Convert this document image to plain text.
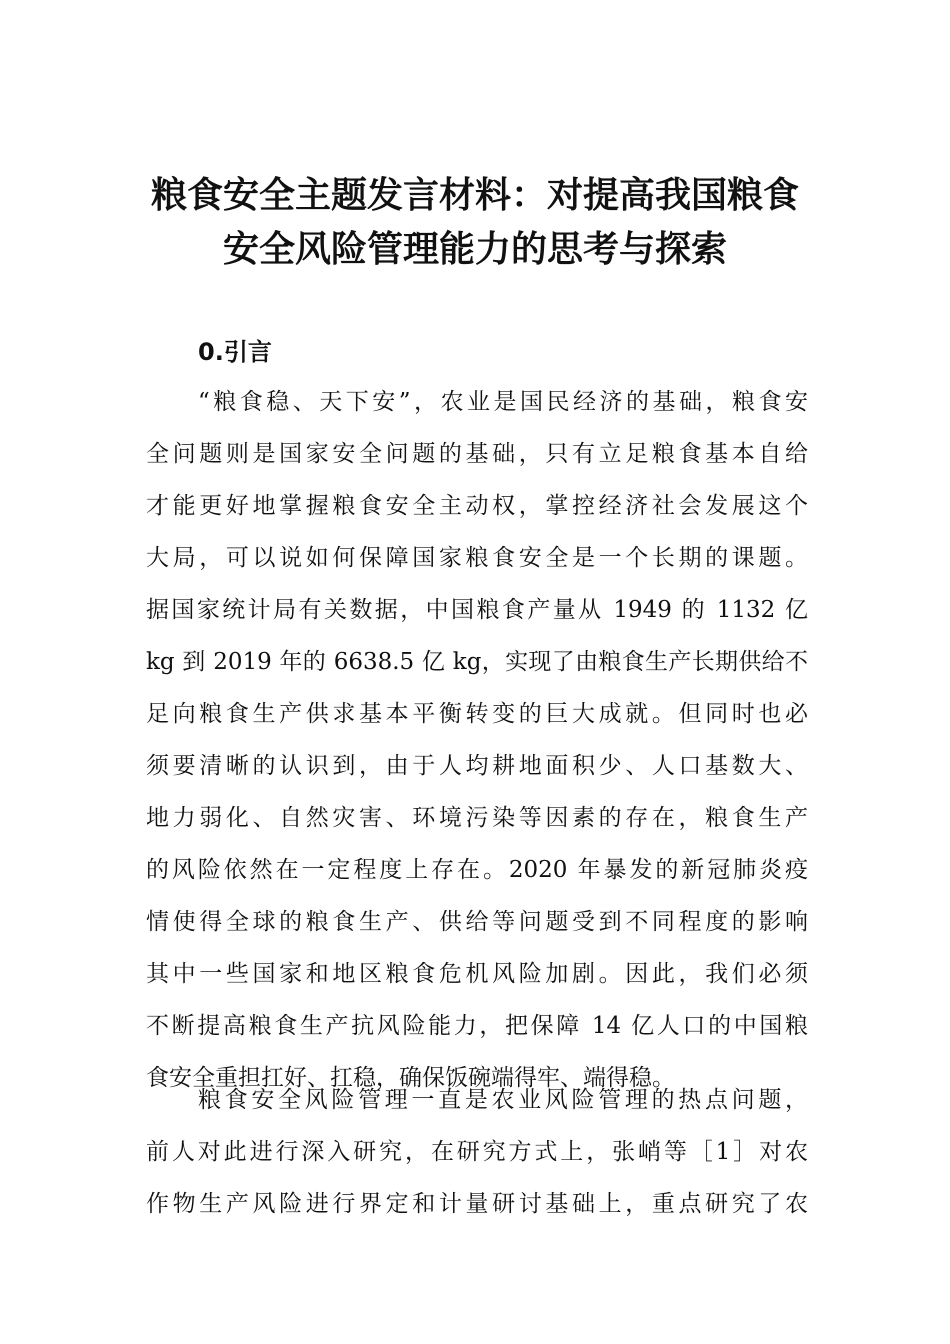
粮食安全主题发言材料：对提高我国粮食
安全风险管理能力的思考与探索
0.引言
“粮食稳、天下安”，农业是国民经济的基础，粮食安
全问题则是国家安全问题的基础，只有立足粮食基本自给
才能更好地掌握粮食安全主动权，掌控经济社会发展这个
大局，可以说如何保障国家粮食安全是一个长期的课题。
据国家统计局有关数据，中国粮食产量从 1949 的 1132 亿
kg 到 2019 年的 6638.5 亿 kg，实现了由粮食生产长期供给不
足向粮食生产供求基本平衡转变的巨大成就。但同时也必
须要清晰的认识到，由于人均耕地面积少、人口基数大、
地力弱化、自然灾害、环境污染等因素的存在，粮食生产
的风险依然在一定程度上存在。2020 年暴发的新冠肺炎疫
情使得全球的粮食生产、供给等问题受到不同程度的影响
其中一些国家和地区粮食危机风险加剧。因此，我们必须
不断提高粮食生产抗风险能力，把保障 14 亿人口的中国粮
食安全重担扛好、扛稳，确保饭碗端得牢、端得稳。
粮食安全风险管理一直是农业风险管理的热点问题，
前人对此进行深入研究，在研究方式上，张峭等［1］对农
作物生产风险进行界定和计量研讨基础上，重点研究了农
